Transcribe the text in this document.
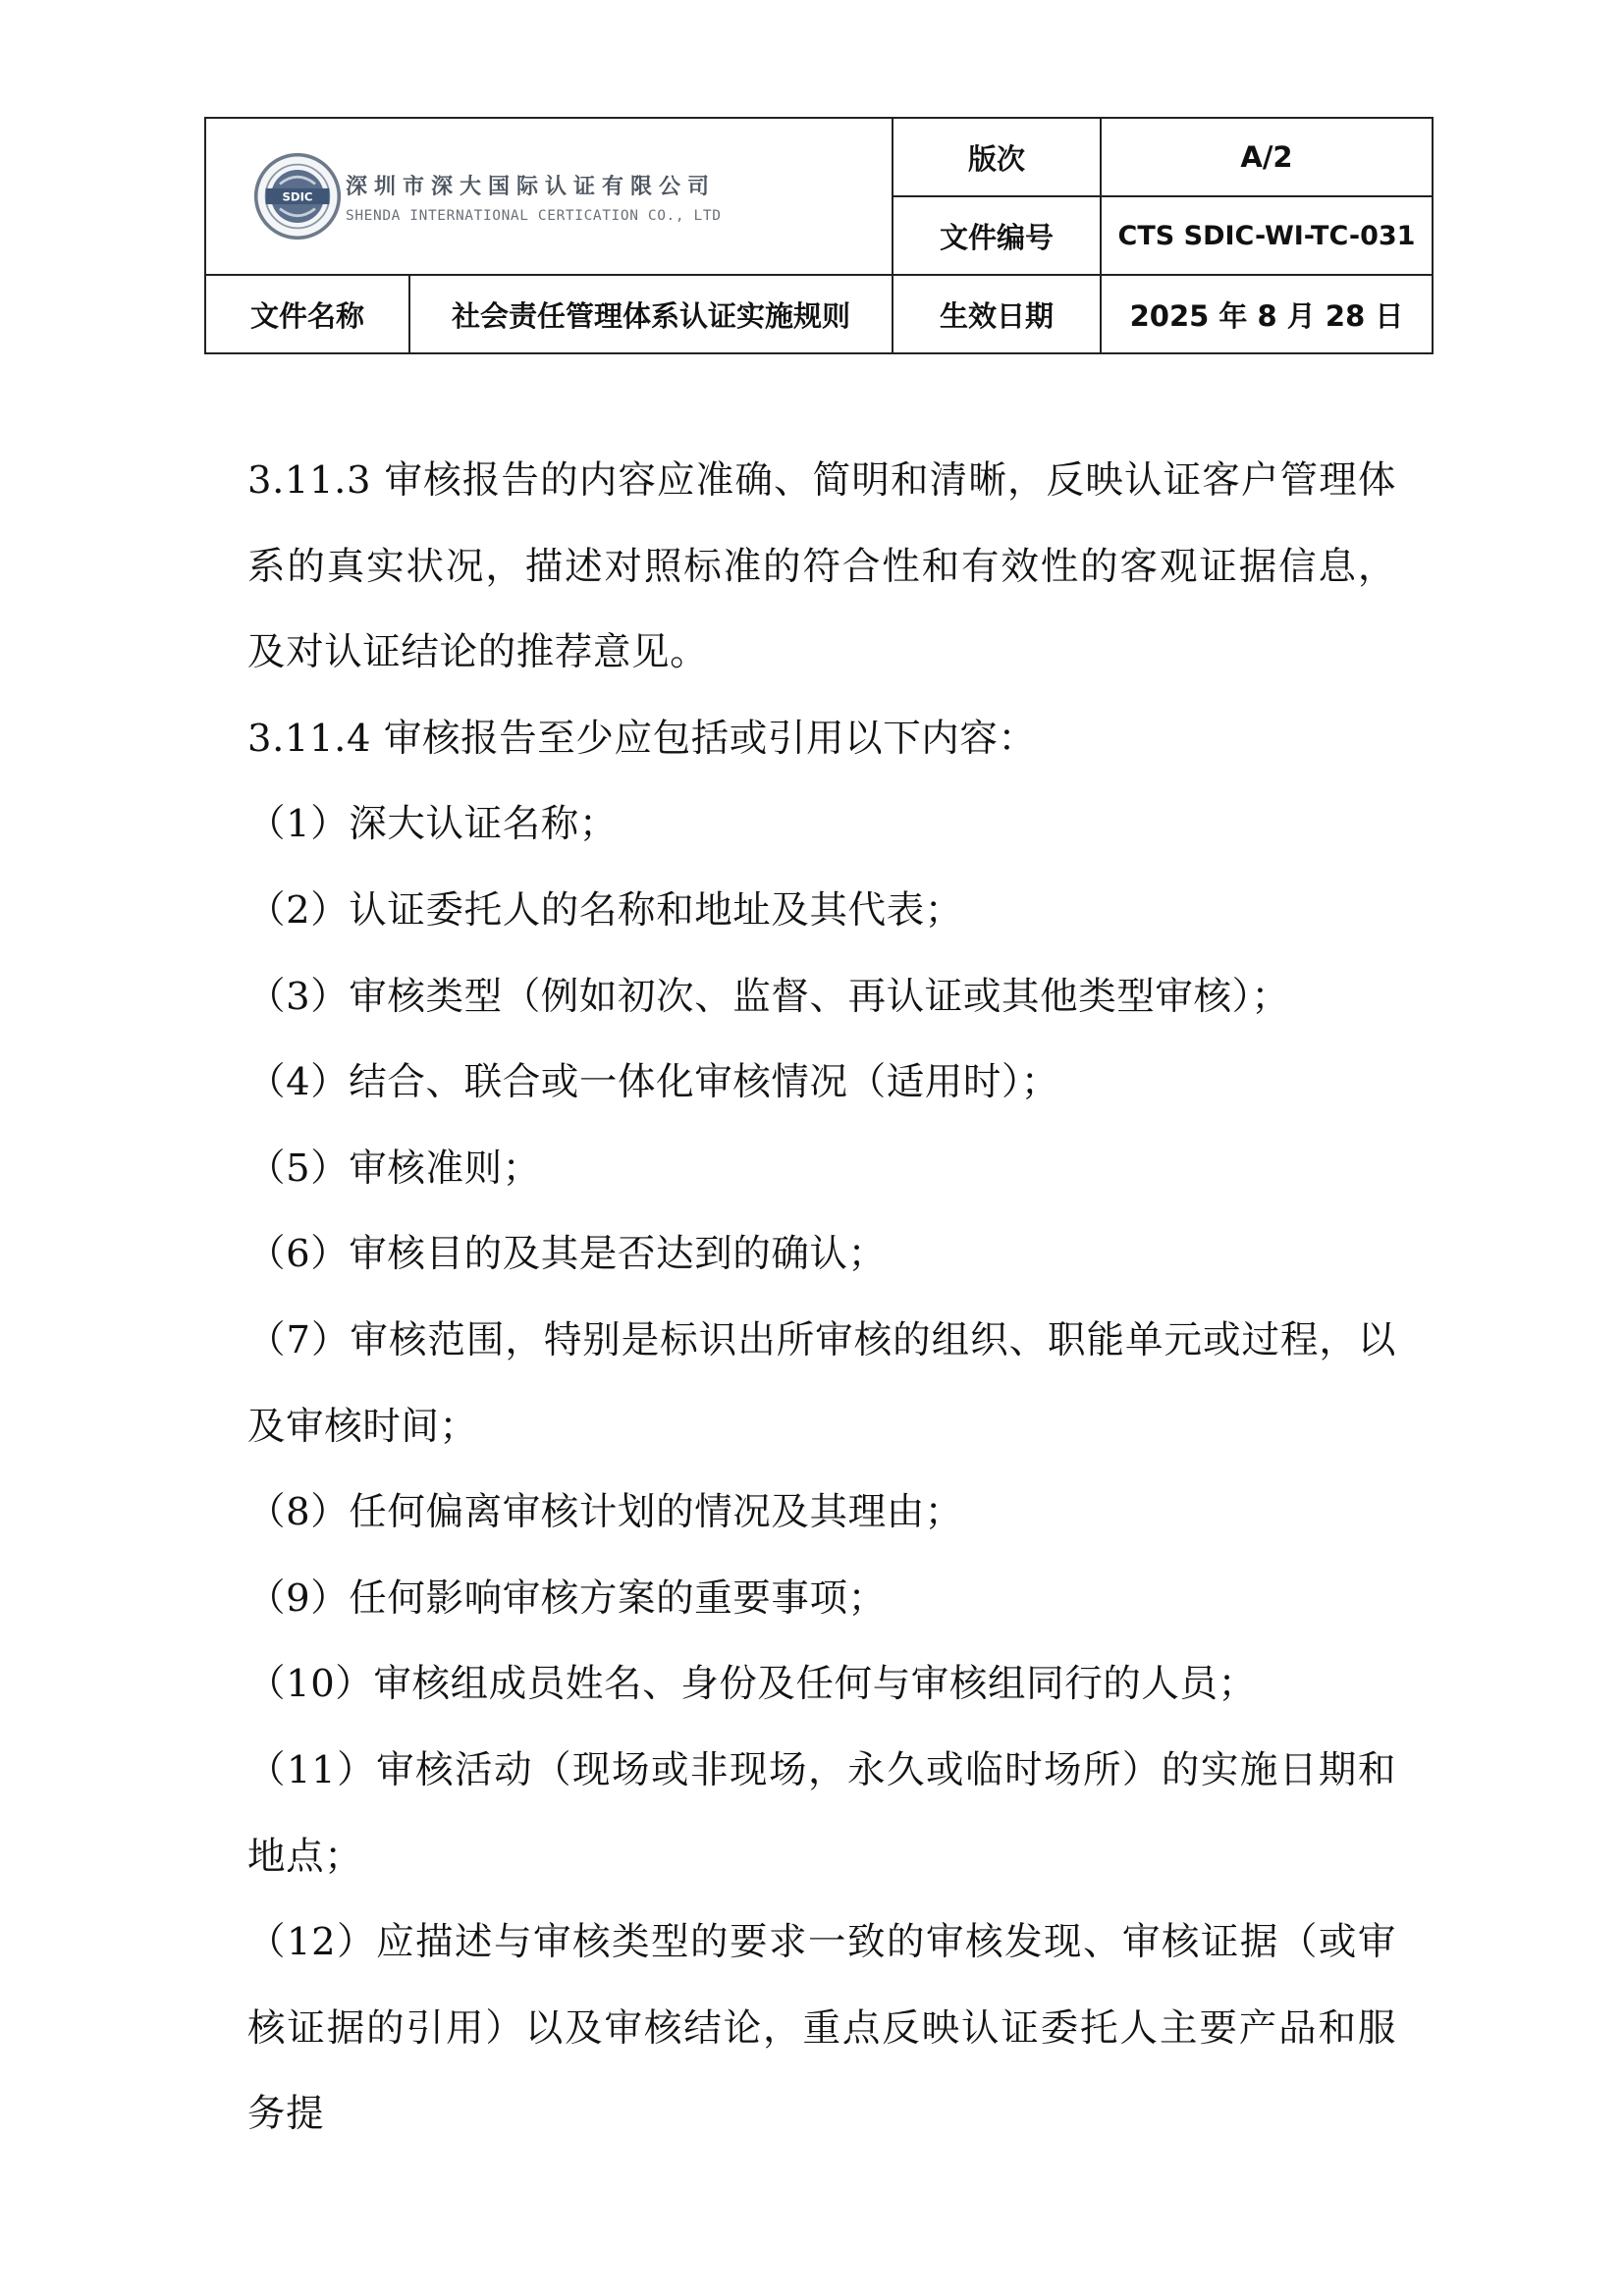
SDIC 深圳市深大国际认证有限公司
SHENDA INTERNATIONAL CERTICATION CO., LTD
版次	A/2
文件编号	CTS SDIC-WI-TC-031
文件名称	社会责任管理体系认证实施规则	生效日期	2025 年 8 月 28 日

3.11.3 审核报告的内容应准确、简明和清晰，反映认证客户管理体系的真实状况，描述对照标准的符合性和有效性的客观证据信息，及对认证结论的推荐意见。

3.11.4 审核报告至少应包括或引用以下内容：

（1）深大认证名称；

（2）认证委托人的名称和地址及其代表；

（3）审核类型（例如初次、监督、再认证或其他类型审核）；

（4）结合、联合或一体化审核情况（适用时）；

（5）审核准则；

（6）审核目的及其是否达到的确认；

（7）审核范围，特别是标识出所审核的组织、职能单元或过程，以及审核时间；

（8）任何偏离审核计划的情况及其理由；

（9）任何影响审核方案的重要事项；

（10）审核组成员姓名、身份及任何与审核组同行的人员；

（11）审核活动（现场或非现场，永久或临时场所）的实施日期和地点；

（12）应描述与审核类型的要求一致的审核发现、审核证据（或审核证据的引用）以及审核结论，重点反映认证委托人主要产品和服务提
